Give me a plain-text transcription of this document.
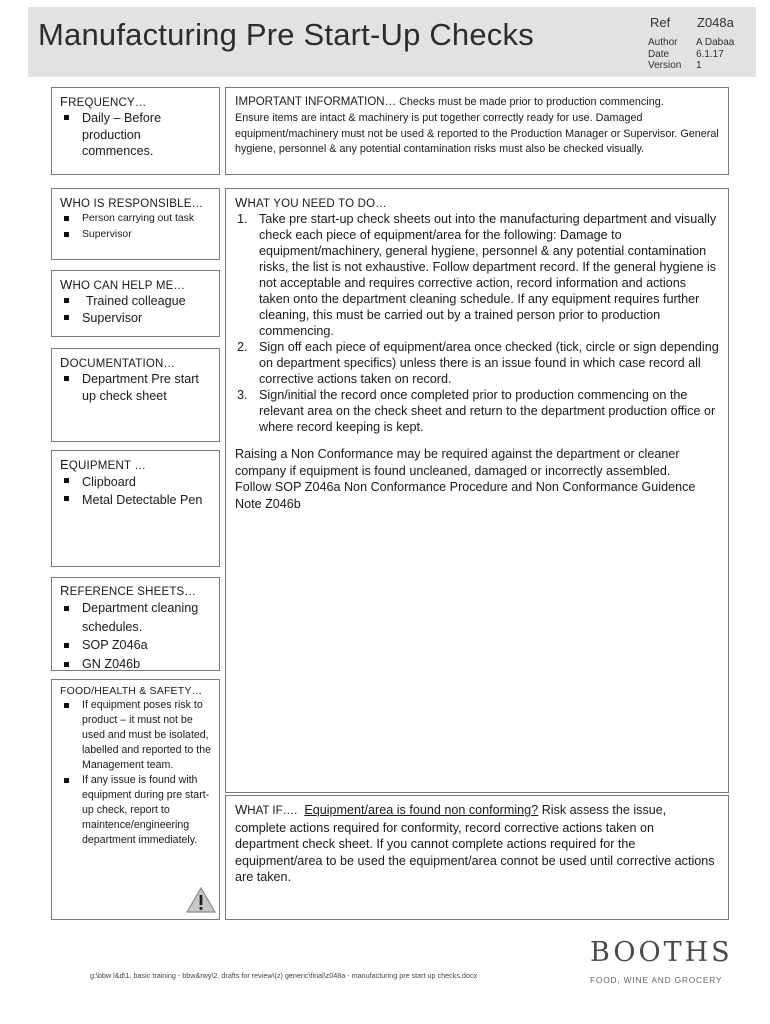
Manufacturing Pre Start-Up Checks	Ref Z048a
Author
Date
Version
A Dabaa
6.1.17
1
FREQUENCY…
Daily – Before production commences.
IMPORTANT INFORMATION… Checks must be made prior to production commencing.
Ensure items are intact & machinery is put together correctly ready for use. Damaged equipment/machinery must not be used & reported to the Production Manager or Supervisor. General hygiene, personnel & any potential contamination risks must also be checked visually.
WHO IS RESPONSIBLE…
Person carrying out task
Supervisor
WHO CAN HELP ME…
Trained colleague
Supervisor
DOCUMENTATION…
Department Pre start up check sheet
EQUIPMENT …
Clipboard
Metal Detectable Pen
REFERENCE SHEETS…
Department cleaning schedules.
SOP Z046a
GN Z046b
FOOD/HEALTH & SAFETY…
If equipment poses risk to product – it must not be used and must be isolated, labelled and reported to the Management team.
If any issue is found with equipment during pre start-up check, report to maintence/engineering department immediately.
WHAT YOU NEED TO DO…
1. Take pre start-up check sheets out into the manufacturing department and visually check each piece of equipment/area for the following: Damage to equipment/machinery, general hygiene, personnel & any potential contamination risks, the list is not exhaustive. Follow department record. If the general hygiene is not acceptable and requires corrective action, record information and actions taken onto the department cleaning schedule. If any equipment requires further cleaning, this must be carried out by a trained person prior to production commencing.
2. Sign off each piece of equipment/area once checked (tick, circle or sign depending on department specifics) unless there is an issue found in which case record all corrective actions taken on record.
3. Sign/initial the record once completed prior to production commencing on the relevant area on the check sheet and return to the department production office or where record keeping is kept.
Raising a Non Conformance may be required against the department or cleaner company if equipment is found uncleaned, damaged or incorrectly assembled.
Follow SOP Z046a Non Conformance Procedure and Non Conformance Guidence Note Z046b
WHAT IF…. Equipment/area is found non conforming? Risk assess the issue, complete actions required for conformity, record corrective actions taken on department check sheet. If you cannot complete actions required for the equipment/area to be used the equipment/area connot be used until corrective actions are taken.
g:\bbw l&d\1. basic training - bbw&rwy\2. drafts for review\(z) generic\final\z048a - manufacturing pre start up checks.docx
BOOTHS
FOOD, WINE AND GROCERY
